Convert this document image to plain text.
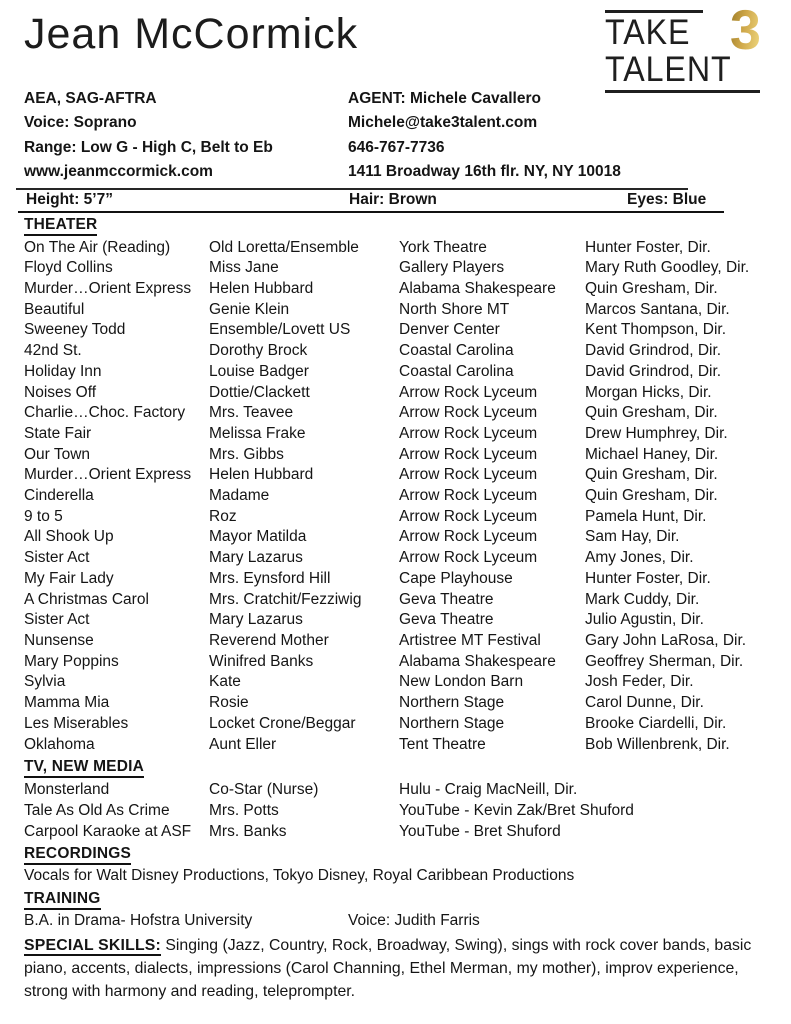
Jean McCormick	TAKE 3
TALENT
AEA, SAG-AFTRA
Voice: Soprano
Range: Low G - High C, Belt to Eb
www.jeanmccormick.com
AGENT: Michele Cavallero
Michele@take3talent.com
646-767-7736
1411 Broadway 16th flr. NY, NY 10018
Height: 5’7”	Hair: Brown	Eyes: Blue
THEATER
On The Air (Reading)	Old Loretta/Ensemble	York Theatre	Hunter Foster, Dir.
Floyd Collins	Miss Jane	Gallery Players	Mary Ruth Goodley, Dir.
Murder…Orient Express	Helen Hubbard	Alabama Shakespeare	Quin Gresham, Dir.
Beautiful	Genie Klein	North Shore MT	Marcos Santana, Dir.
Sweeney Todd	Ensemble/Lovett US	Denver Center	Kent Thompson, Dir.
42nd St.	Dorothy Brock	Coastal Carolina	David Grindrod, Dir.
Holiday Inn	Louise Badger	Coastal Carolina	David Grindrod, Dir.
Noises Off	Dottie/Clackett	Arrow Rock Lyceum	Morgan Hicks, Dir.
Charlie…Choc. Factory	Mrs. Teavee	Arrow Rock Lyceum	Quin Gresham, Dir.
State Fair	Melissa Frake	Arrow Rock Lyceum	Drew Humphrey, Dir.
Our Town	Mrs. Gibbs	Arrow Rock Lyceum	Michael Haney, Dir.
Murder…Orient Express	Helen Hubbard	Arrow Rock Lyceum	Quin Gresham, Dir.
Cinderella	Madame	Arrow Rock Lyceum	Quin Gresham, Dir.
9 to 5	Roz	Arrow Rock Lyceum	Pamela Hunt, Dir.
All Shook Up	Mayor Matilda	Arrow Rock Lyceum	Sam Hay, Dir.
Sister Act	Mary Lazarus	Arrow Rock Lyceum	Amy Jones, Dir.
My Fair Lady	Mrs. Eynsford Hill	Cape Playhouse	Hunter Foster, Dir.
A Christmas Carol	Mrs. Cratchit/Fezziwig	Geva Theatre	Mark Cuddy, Dir.
Sister Act	Mary Lazarus	Geva Theatre	Julio Agustin, Dir.
Nunsense	Reverend Mother	Artistree MT Festival	Gary John LaRosa, Dir.
Mary Poppins	Winifred Banks	Alabama Shakespeare	Geoffrey Sherman, Dir.
Sylvia	Kate	New London Barn	Josh Feder, Dir.
Mamma Mia	Rosie	Northern Stage	Carol Dunne, Dir.
Les Miserables	Locket Crone/Beggar	Northern Stage	Brooke Ciardelli, Dir.
Oklahoma	Aunt Eller	Tent Theatre	Bob Willenbrenk, Dir.
TV, NEW MEDIA
Monsterland	Co-Star (Nurse)	Hulu - Craig MacNeill, Dir.
Tale As Old As Crime	Mrs. Potts	YouTube - Kevin Zak/Bret Shuford
Carpool Karaoke at ASF	Mrs. Banks	YouTube - Bret Shuford
RECORDINGS
Vocals for Walt Disney Productions, Tokyo Disney, Royal Caribbean Productions
TRAINING
B.A. in Drama- Hofstra University	Voice: Judith Farris
SPECIAL SKILLS: Singing (Jazz, Country, Rock, Broadway, Swing), sings with rock cover bands, basic piano, accents, dialects, impressions (Carol Channing, Ethel Merman, my mother), improv experience, strong with harmony and reading, teleprompter.
